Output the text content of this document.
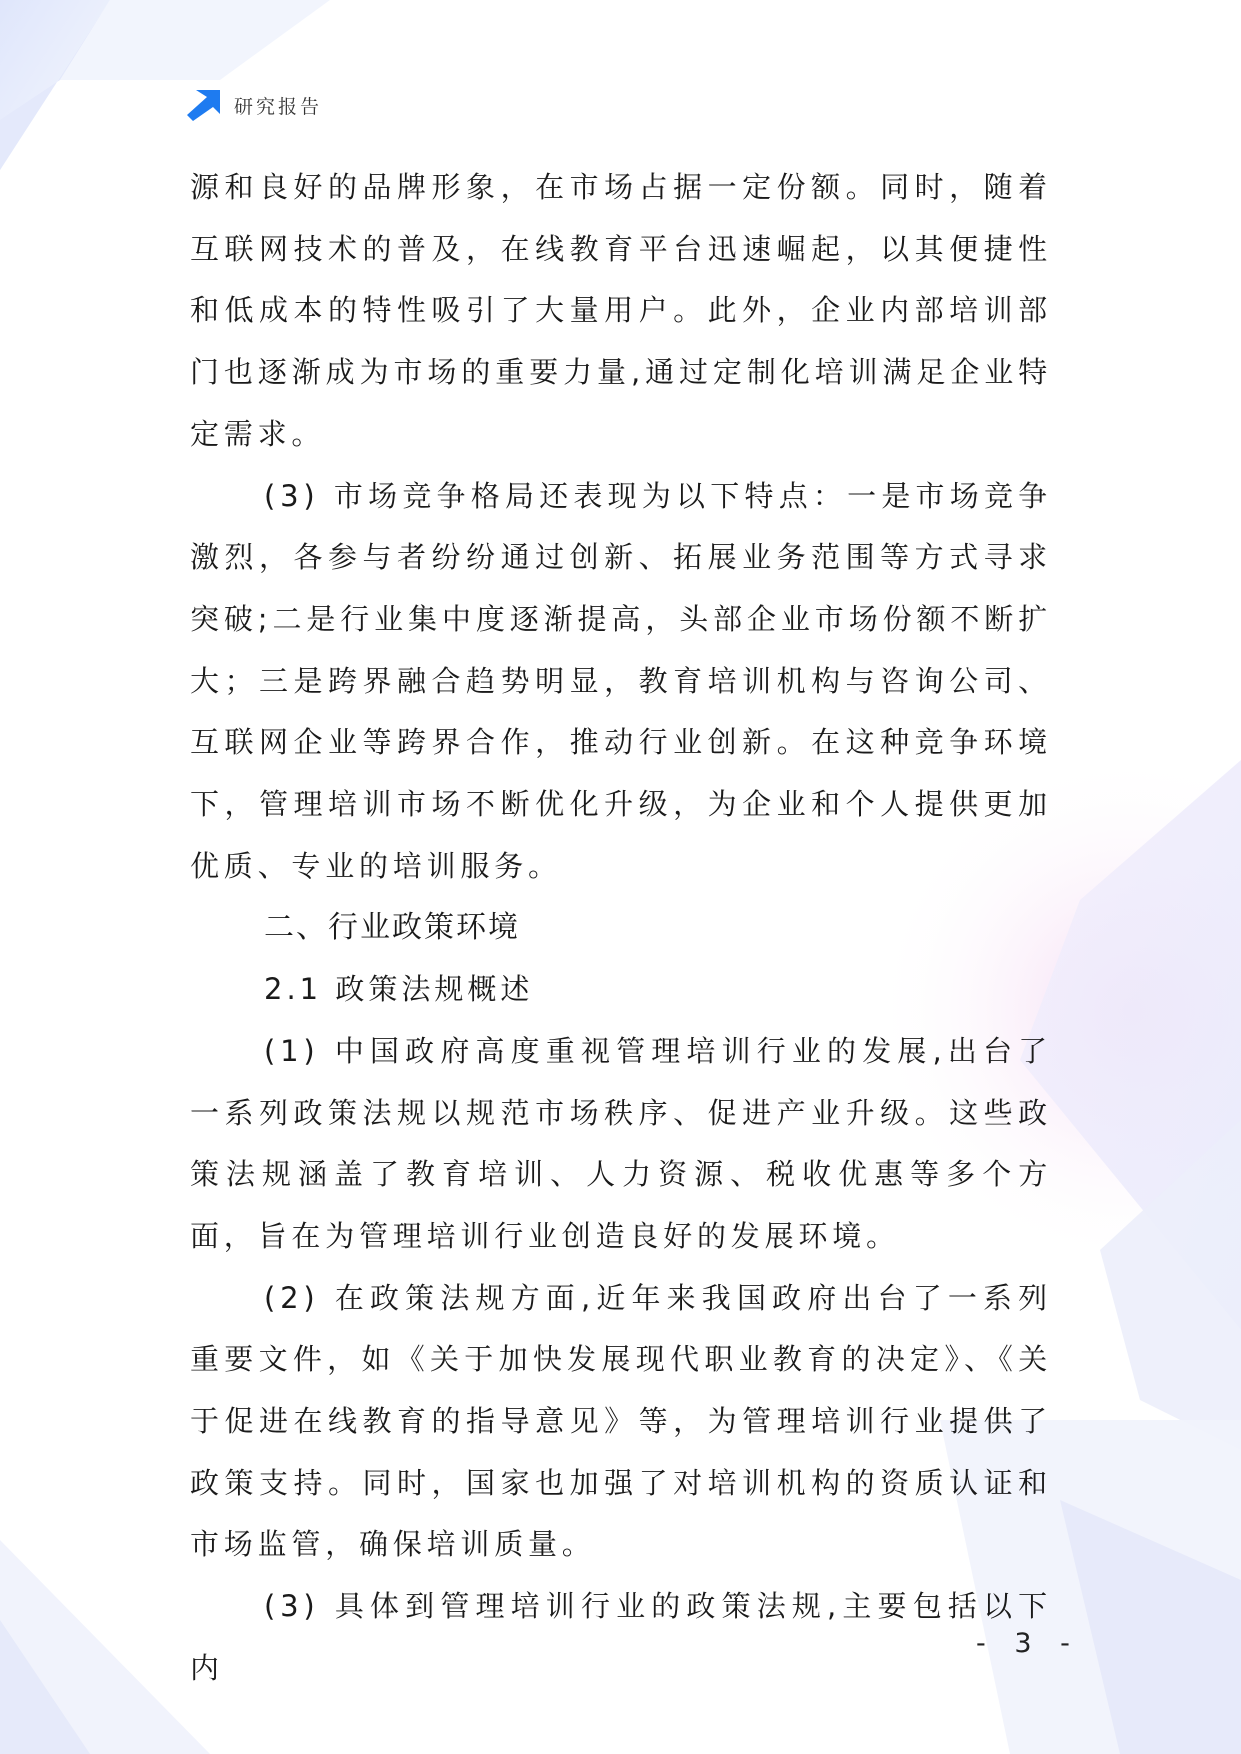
研究报告

源和良好的品牌形象，在市场占据一定份额。同时，随着互联网技术的普及，在线教育平台迅速崛起，以其便捷性和低成本的特性吸引了大量用户。此外，企业内部培训部门也逐渐成为市场的重要力量,通过定制化培训满足企业特定需求。

(3) 市场竞争格局还表现为以下特点：一是市场竞争激烈，各参与者纷纷通过创新、拓展业务范围等方式寻求突破;二是行业集中度逐渐提高，头部企业市场份额不断扩大；三是跨界融合趋势明显，教育培训机构与咨询公司、互联网企业等跨界合作，推动行业创新。在这种竞争环境下，管理培训市场不断优化升级，为企业和个人提供更加优质、专业的培训服务。

二、行业政策环境

2.1 政策法规概述

(1) 中国政府高度重视管理培训行业的发展,出台了一系列政策法规以规范市场秩序、促进产业升级。这些政策法规涵盖了教育培训、人力资源、税收优惠等多个方面，旨在为管理培训行业创造良好的发展环境。

(2) 在政策法规方面,近年来我国政府出台了一系列重要文件，如《关于加快发展现代职业教育的决定》、《关于促进在线教育的指导意见》等，为管理培训行业提供了政策支持。同时，国家也加强了对培训机构的资质认证和市场监管，确保培训质量。

(3) 具体到管理培训行业的政策法规,主要包括以下内

- 3 -
